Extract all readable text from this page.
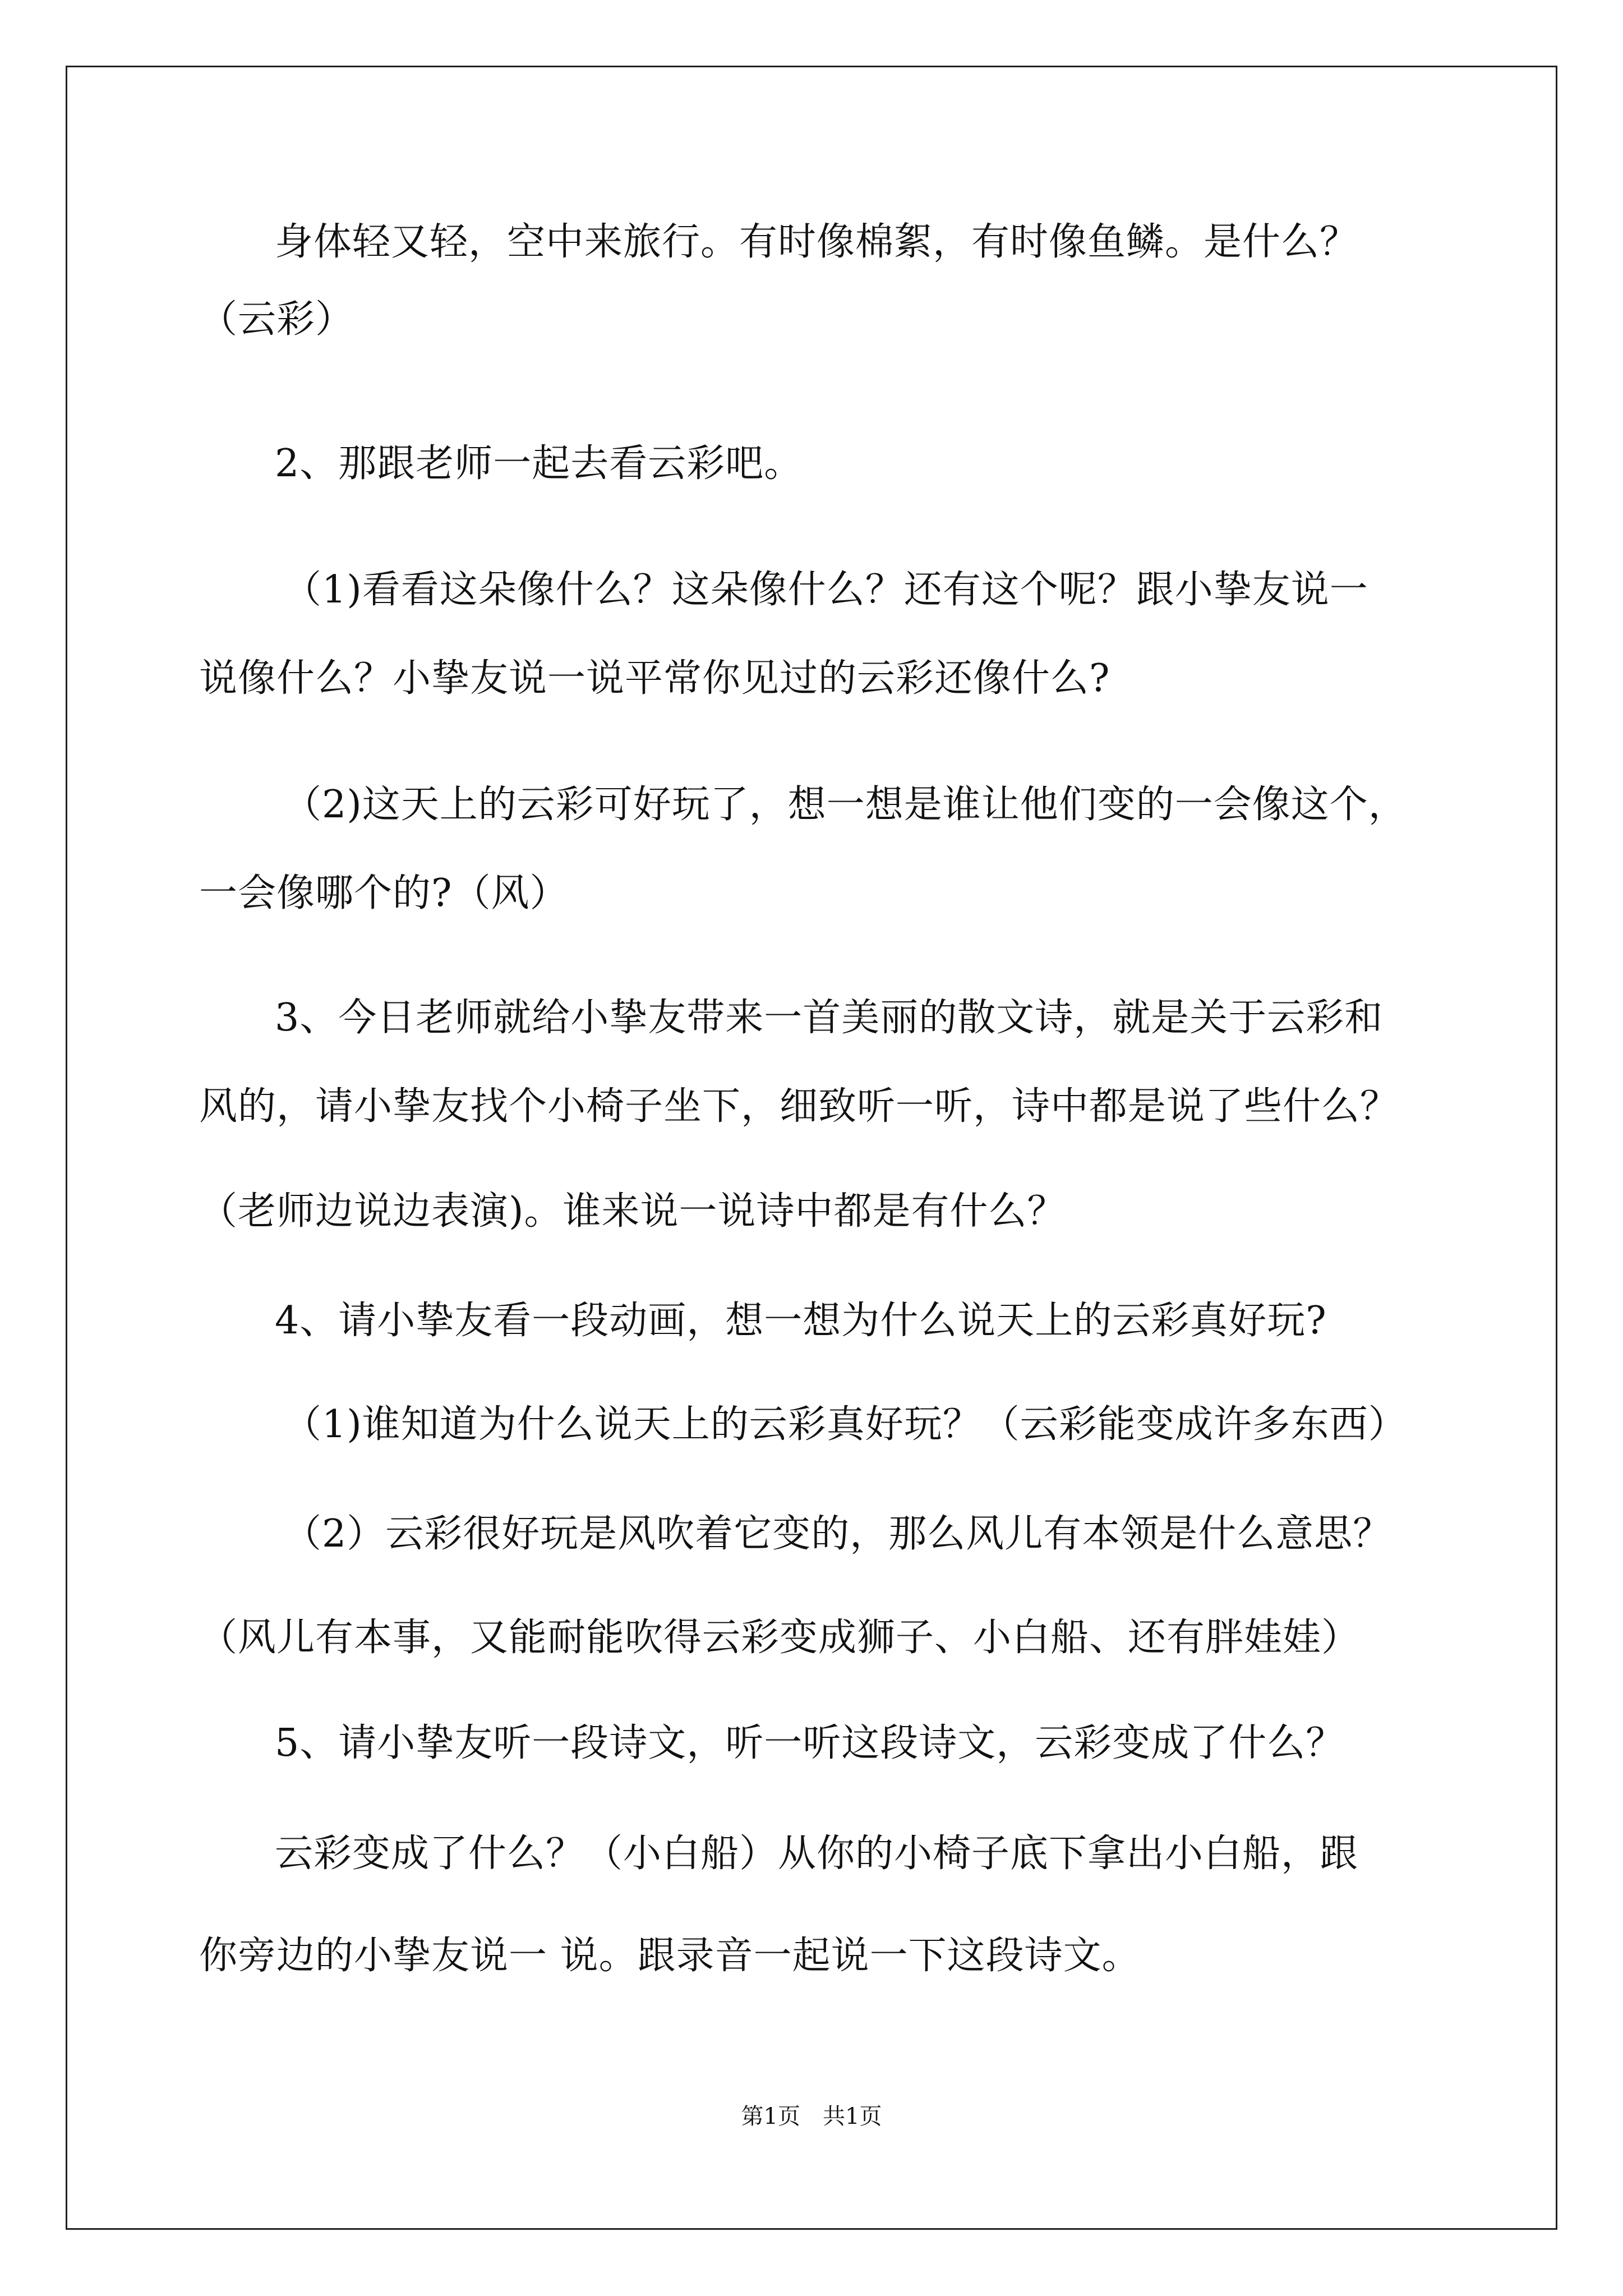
身体轻又轻，空中来旅行。有时像棉絮，有时像鱼鳞。是什么？
（云彩）
2、那跟老师一起去看云彩吧。
（1)看看这朵像什么？这朵像什么？还有这个呢？跟小挚友说一
说像什么？小挚友说一说平常你见过的云彩还像什么?
（2)这天上的云彩可好玩了，想一想是谁让他们变的一会像这个，
一会像哪个的?（风）
3、今日老师就给小挚友带来一首美丽的散文诗，就是关于云彩和
风的，请小挚友找个小椅子坐下，细致听一听，诗中都是说了些什么？
（老师边说边表演)。谁来说一说诗中都是有什么？
4、请小挚友看一段动画，想一想为什么说天上的云彩真好玩?
（1)谁知道为什么说天上的云彩真好玩？（云彩能变成许多东西）
（2）云彩很好玩是风吹着它变的，那么风儿有本领是什么意思？
（风儿有本事，又能耐能吹得云彩变成狮子、小白船、还有胖娃娃）
5、请小挚友听一段诗文，听一听这段诗文，云彩变成了什么？
云彩变成了什么？（小白船）从你的小椅子底下拿出小白船，跟
你旁边的小挚友说一 说。跟录音一起说一下这段诗文。
第1页　共1页
